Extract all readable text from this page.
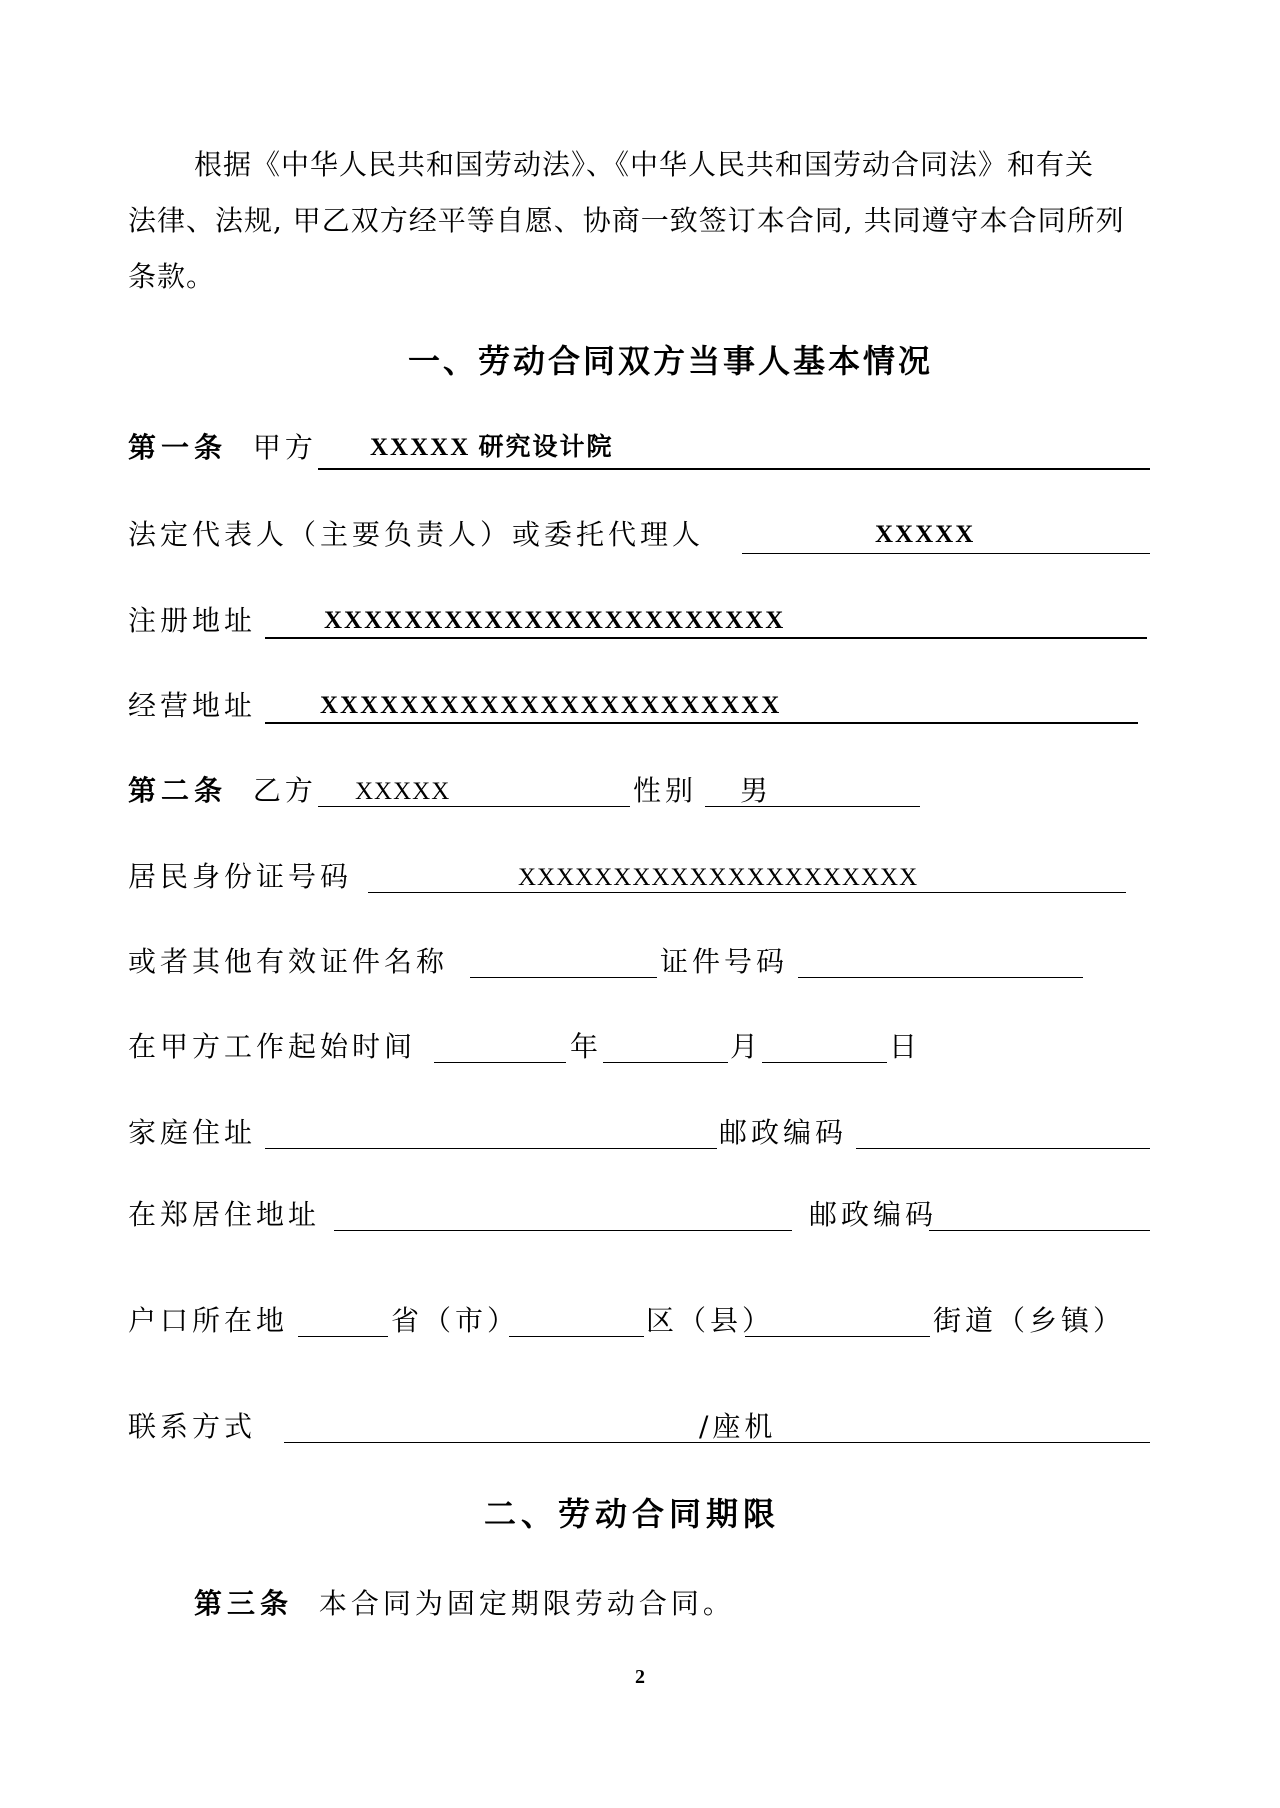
根据《中华人民共和国劳动法》、《中华人民共和国劳动合同法》和有关

法律、法规, 甲乙双方经平等自愿、协商一致签订本合同, 共同遵守本合同所列

条款。

一、劳动合同双方当事人基本情况
第一条 甲方 XXXXX 研究设计院
法定代表人（主要负责人）或委托代理人	XXXXX
注册地址	XXXXXXXXXXXXXXXXXXXXXXX
经营地址	XXXXXXXXXXXXXXXXXXXXXXX
第二条 乙方 XXXXX	性别 男
居民身份证号码	XXXXXXXXXXXXXXXXXXXXX
或者其他有效证件名称	证件号码
在甲方工作起始时间	年	月	日
家庭住址	邮政编码
在郑居住地址	邮政编码
户口所在地	省（市）	区（县）	街道（乡镇）
联系方式	/座机
二、劳动合同期限
第三条 本合同为固定期限劳动合同。
2
